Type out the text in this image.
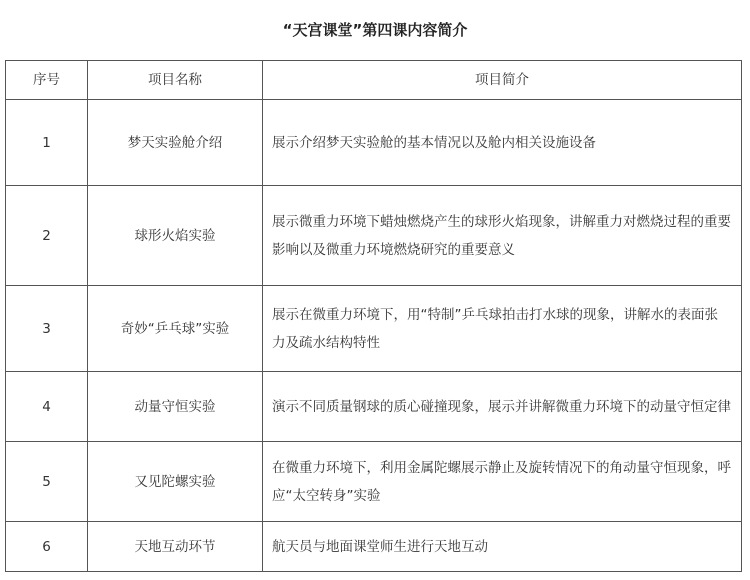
“天宫课堂”第四课内容简介
序号	项目名称	项目简介
1	梦天实验舱介绍	展示介绍梦天实验舱的基本情况以及舱内相关设施设备
2	球形火焰实验	展示微重力环境下蜡烛燃烧产生的球形火焰现象，讲解重力对燃烧过程的重要影响以及微重力环境燃烧研究的重要意义
3	奇妙“乒乓球”实验	展示在微重力环境下，用“特制”乒乓球拍击打水球的现象，讲解水的表面张力及疏水结构特性
4	动量守恒实验	演示不同质量钢球的质心碰撞现象，展示并讲解微重力环境下的动量守恒定律
5	又见陀螺实验	在微重力环境下，利用金属陀螺展示静止及旋转情况下的角动量守恒现象，呼应“太空转身”实验
6	天地互动环节	航天员与地面课堂师生进行天地互动
